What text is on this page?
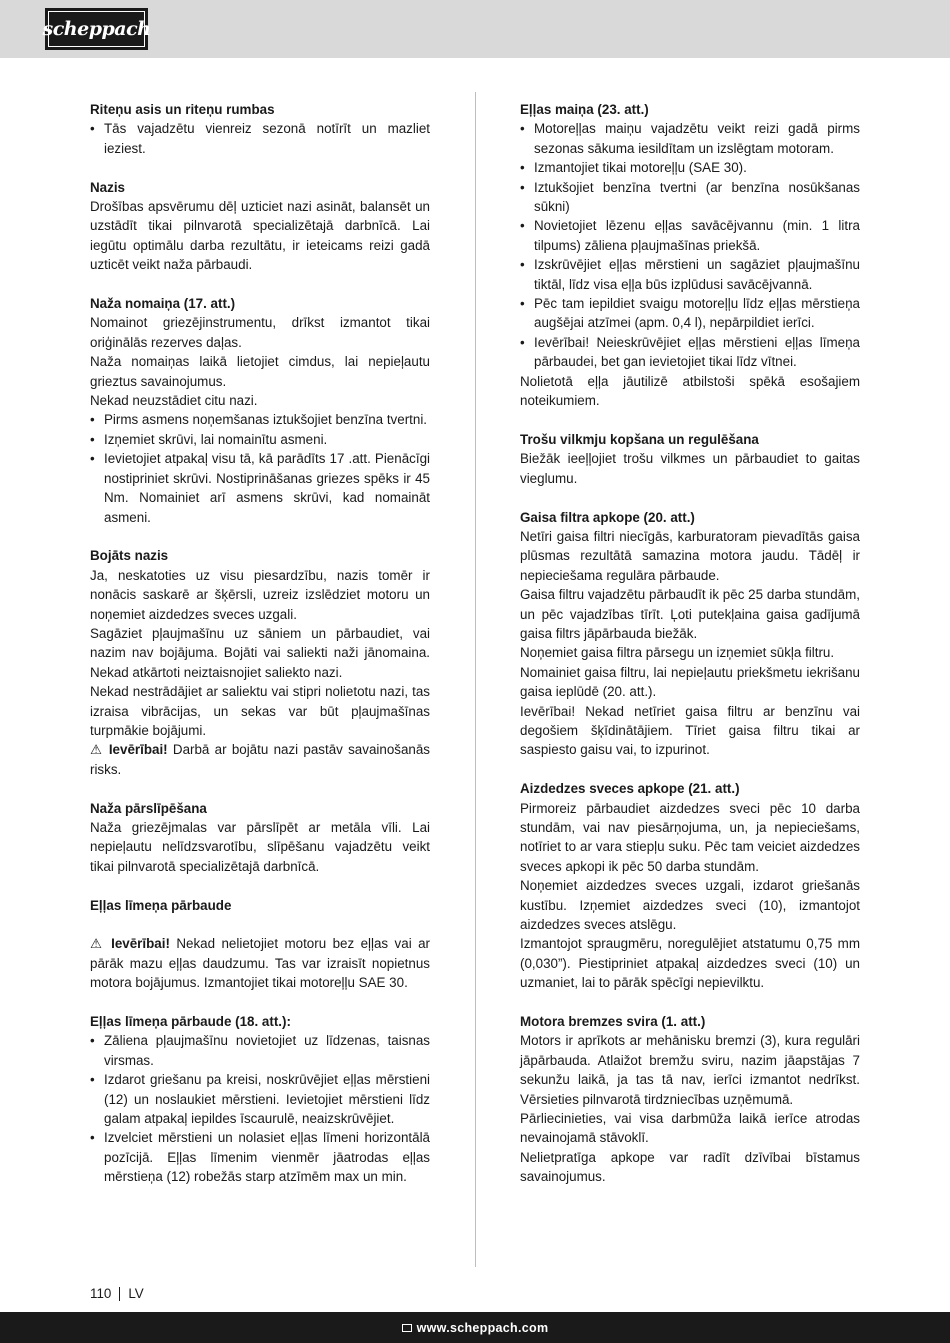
scheppach
Riteņu asis un riteņu rumbas
• Tās vajadzētu vienreiz sezonā notīrīt un mazliet ieziest.
Nazis

Drošības apsvērumu dēļ uzticiet nazi asināt, balansēt un uzstādīt tikai pilnvarotā specializētajā darbnīcā. Lai iegūtu optimālu darba rezultātu, ir ieteicams reizi gadā uzticēt veikt naža pārbaudi.

Naža nomaiņa (17. att.)

Nomainot griezējinstrumentu, drīkst izmantot tikai oriģinālās rezerves daļas.

Naža nomaiņas laikā lietojiet cimdus, lai nepieļautu grieztus savainojumus.

Nekad neuzstādiet citu nazi.

• Pirms asmens noņemšanas iztukšojiet benzīna tvertni.
• Izņemiet skrūvi, lai nomainītu asmeni.
• Ievietojiet atpakaļ visu tā, kā parādīts 17 .att. Pienācīgi nostipriniet skrūvi. Nostiprināšanas griezes spēks ir 45 Nm. Nomainiet arī asmens skrūvi, kad nomaināt asmeni.
Bojāts nazis

Ja, neskatoties uz visu piesardzību, nazis tomēr ir nonācis saskarē ar šķērsli, uzreiz izslēdziet motoru un noņemiet aizdedzes sveces uzgali.

Sagāziet pļaujmašīnu uz sāniem un pārbaudiet, vai nazim nav bojājuma. Bojāti vai saliekti naži jānomaina. Nekad atkārtoti neiztaisnojiet saliekto nazi.

Nekad nestrādājiet ar saliektu vai stipri nolietotu nazi, tas izraisa vibrācijas, un sekas var būt pļaujmašīnas turpmākie bojājumi.

⚠ Ievērībai! Darbā ar bojātu nazi pastāv savainošanās risks.

Naža pārslīpēšana

Naža griezējmalas var pārslīpēt ar metāla vīli. Lai nepieļautu nelīdzsvarotību, slīpēšanu vajadzētu veikt tikai pilnvarotā specializētajā darbnīcā.

Eļļas līmeņa pārbaude

⚠ Ievērībai! Nekad nelietojiet motoru bez eļļas vai ar pārāk mazu eļļas daudzumu. Tas var izraisīt nopietnus motora bojājumus. Izmantojiet tikai motoreļļu SAE 30.

Eļļas līmeņa pārbaude (18. att.):
• Zāliena pļaujmašīnu novietojiet uz līdzenas, taisnas virsmas.
• Izdarot griešanu pa kreisi, noskrūvējiet eļļas mērstieni (12) un noslaukiet mērstieni. Ievietojiet mērstieni līdz galam atpakaļ iepildes īscaurulē, neaizskrūvējiet.
• Izvelciet mērstieni un nolasiet eļļas līmeni horizontālā pozīcijā. Eļļas līmenim vienmēr jāatrodas eļļas mērstieņa (12) robežās starp atzīmēm max un min.
Eļļas maiņa (23. att.)
• Motoreļļas maiņu vajadzētu veikt reizi gadā pirms sezonas sākuma iesildītam un izslēgtam motoram.
• Izmantojiet tikai motoreļļu (SAE 30).
• Iztukšojiet benzīna tvertni (ar benzīna nosūkšanas sūkni)
• Novietojiet lēzenu eļļas savācējvannu (min. 1 litra tilpums) zāliena pļaujmašīnas priekšā.
• Izskrūvējiet eļļas mērstieni un sagāziet pļaujmašīnu tiktāl, līdz visa eļļa būs izplūdusi savācējvannā.
• Pēc tam iepildiet svaigu motoreļļu līdz eļļas mērstieņa augšējai atzīmei (apm. 0,4 l), nepārpildiet ierīci.
• Ievērībai! Neieskrūvējiet eļļas mērstieni eļļas līmeņa pārbaudei, bet gan ievietojiet tikai līdz vītnei.

Nolietotā eļļa jāutilizē atbilstoši spēkā esošajiem noteikumiem.

Trošu vilkmju kopšana un regulēšana

Biežāk ieeļļojiet trošu vilkmes un pārbaudiet to gaitas vieglumu.

Gaisa filtra apkope (20. att.)

Netīri gaisa filtri niecīgās, karburatoram pievadītās gaisa plūsmas rezultātā samazina motora jaudu. Tādēļ ir nepieciešama regulāra pārbaude.

Gaisa filtru vajadzētu pārbaudīt ik pēc 25 darba stundām, un pēc vajadzības tīrīt. Ļoti putekļaina gaisa gadījumā gaisa filtrs jāpārbauda biežāk.

Noņemiet gaisa filtra pārsegu un izņemiet sūkļa filtru.

Nomainiet gaisa filtru, lai nepieļautu priekšmetu iekrišanu gaisa ieplūdē (20. att.).

Ievērībai! Nekad netīriet gaisa filtru ar benzīnu vai degošiem šķīdinātājiem. Tīriet gaisa filtru tikai ar saspiesto gaisu vai, to izpurinot.

Aizdedzes sveces apkope (21. att.)

Pirmoreiz pārbaudiet aizdedzes sveci pēc 10 darba stundām, vai nav piesārņojuma, un, ja nepieciešams, notīriet to ar vara stiepļu suku. Pēc tam veiciet aizdedzes sveces apkopi ik pēc 50 darba stundām.

Noņemiet aizdedzes sveces uzgali, izdarot griešanās kustību. Izņemiet aizdedzes sveci (10), izmantojot aizdedzes sveces atslēgu.

Izmantojot spraugmēru, noregulējiet atstatumu 0,75 mm (0,030”). Piestipriniet atpakaļ aizdedzes sveci (10) un uzmaniet, lai to pārāk spēcīgi nepievilktu.

Motora bremzes svira (1. att.)

Motors ir aprīkots ar mehānisku bremzi (3), kura regulāri jāpārbauda. Atlaižot bremžu sviru, nazim jāapstājas 7 sekunžu laikā, ja tas tā nav, ierīci izmantot nedrīkst. Vērsieties pilnvarotā tirdzniecības uzņēmumā.

Pārliecinieties, vai visa darbmūža laikā ierīce atrodas nevainojamā stāvoklī.

Nelietpratīga apkope var radīt dzīvībai bīstamus savainojumus.

110 LV
www.scheppach.com
